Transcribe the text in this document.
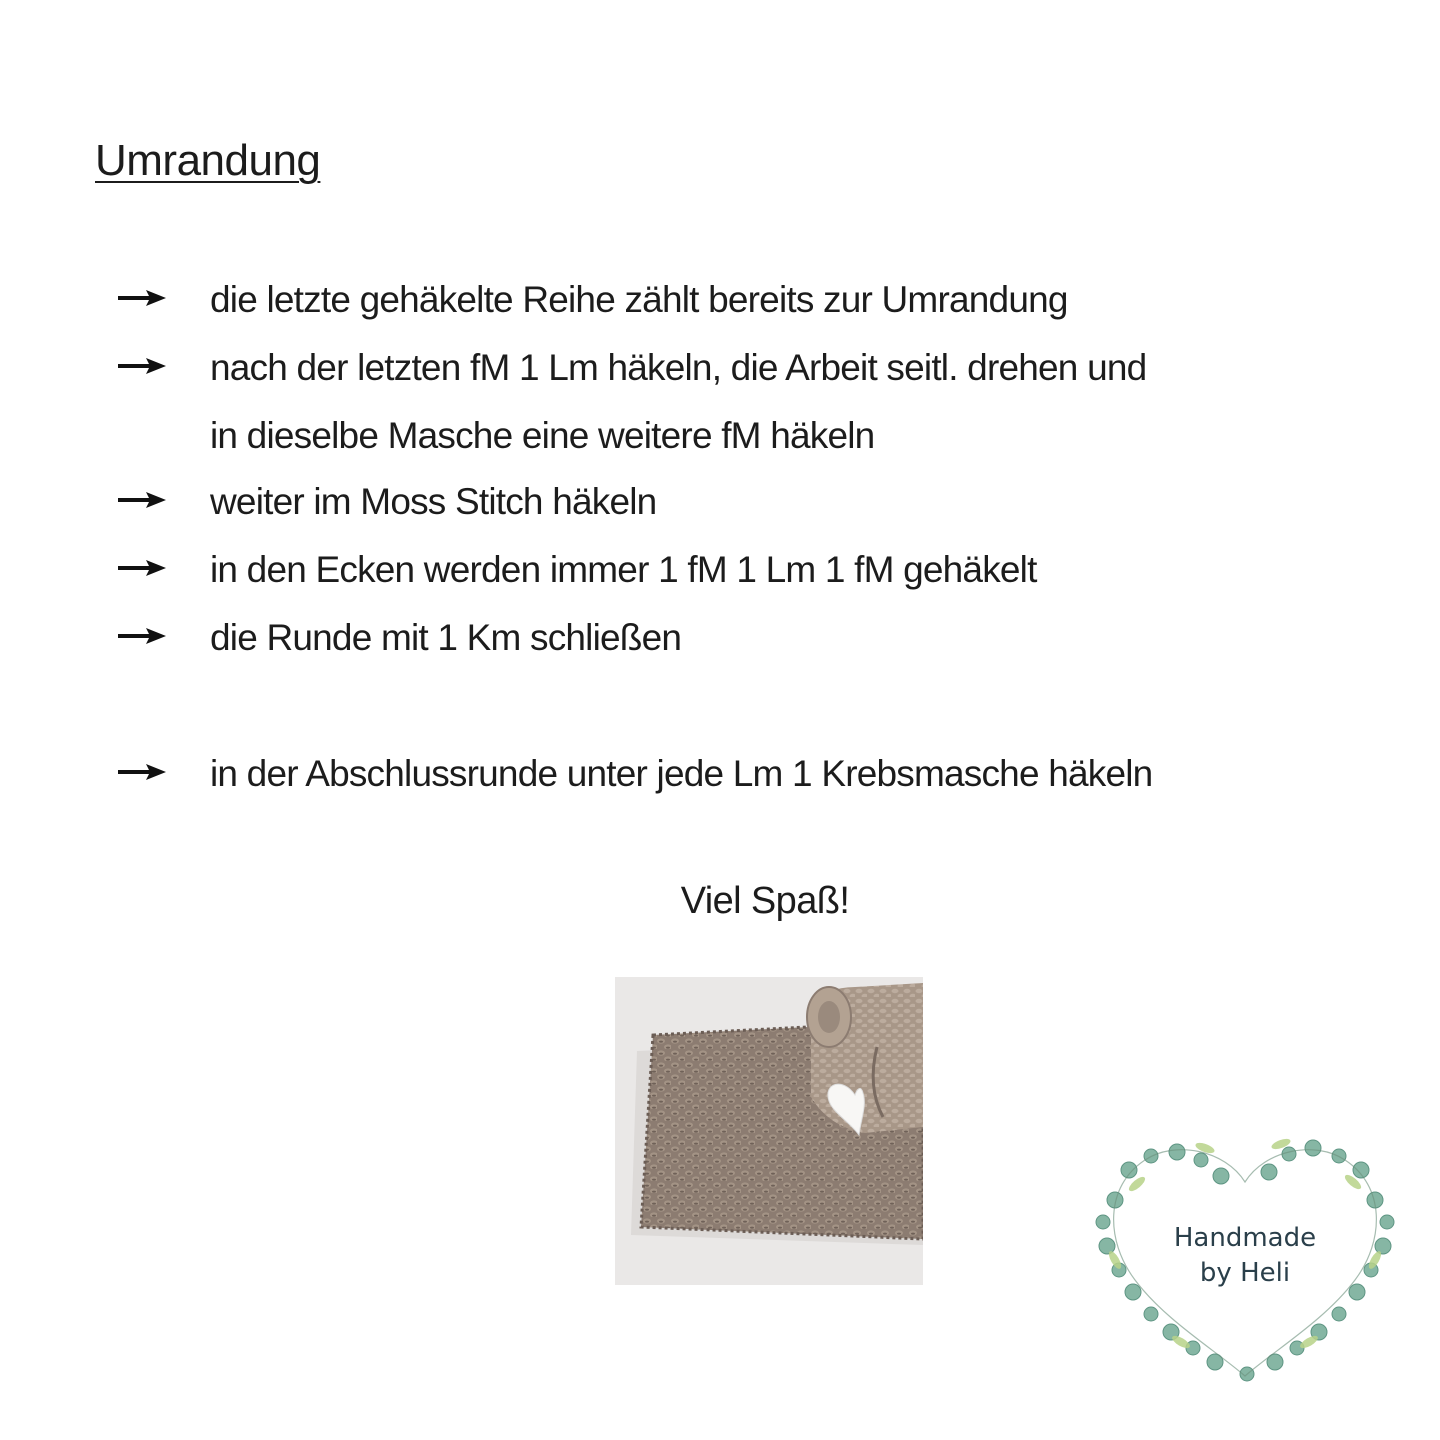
Umrandung
die letzte gehäkelte Reihe zählt bereits zur Umrandung
nach der letzten fM 1 Lm häkeln, die Arbeit seitl. drehen und
in dieselbe Masche eine weitere fM häkeln
weiter im Moss Stitch häkeln
in den Ecken werden immer 1 fM 1 Lm 1 fM gehäkelt
die Runde mit 1 Km schließen
in der Abschlussrunde unter jede Lm 1 Krebsmasche häkeln
Viel Spaß!
Handmade
by Heli
